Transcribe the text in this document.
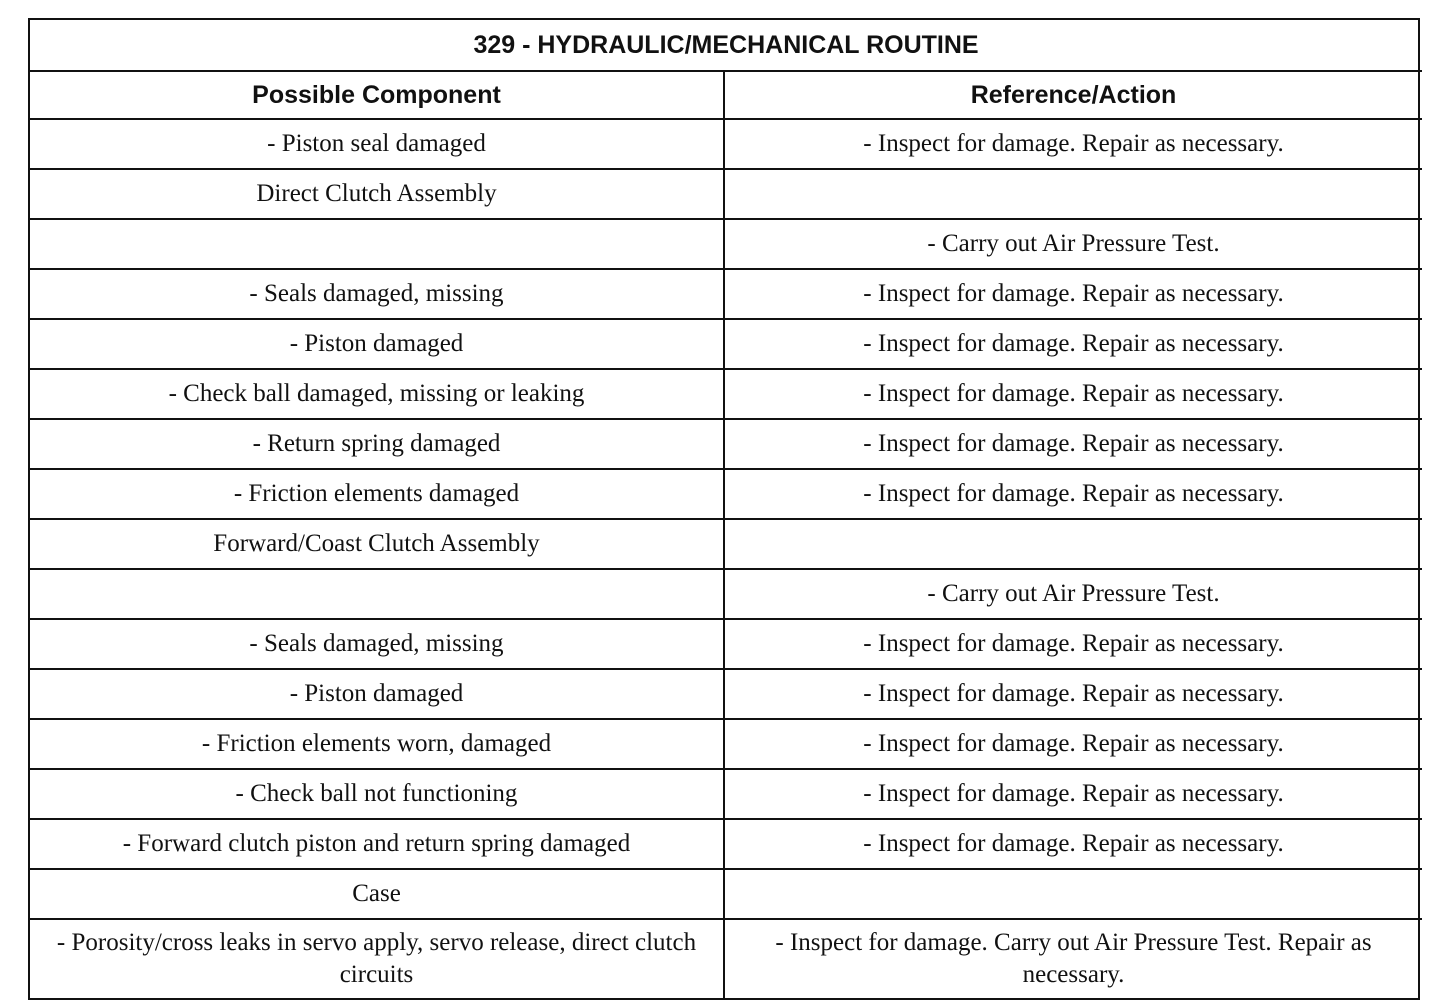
329 - HYDRAULIC/MECHANICAL ROUTINE	
Possible Component	Reference/Action
- Piston seal damaged	- Inspect for damage. Repair as necessary.
Direct Clutch Assembly	
	- Carry out Air Pressure Test.
- Seals damaged, missing	- Inspect for damage. Repair as necessary.
- Piston damaged	- Inspect for damage. Repair as necessary.
- Check ball damaged, missing or leaking	- Inspect for damage. Repair as necessary.
- Return spring damaged	- Inspect for damage. Repair as necessary.
- Friction elements damaged	- Inspect for damage. Repair as necessary.
Forward/Coast Clutch Assembly	
	- Carry out Air Pressure Test.
- Seals damaged, missing	- Inspect for damage. Repair as necessary.
- Piston damaged	- Inspect for damage. Repair as necessary.
- Friction elements worn, damaged	- Inspect for damage. Repair as necessary.
- Check ball not functioning	- Inspect for damage. Repair as necessary.
- Forward clutch piston and return spring damaged	- Inspect for damage. Repair as necessary.
Case	
- Porosity/cross leaks in servo apply, servo release, direct clutch circuits	- Inspect for damage. Carry out Air Pressure Test. Repair as necessary.
